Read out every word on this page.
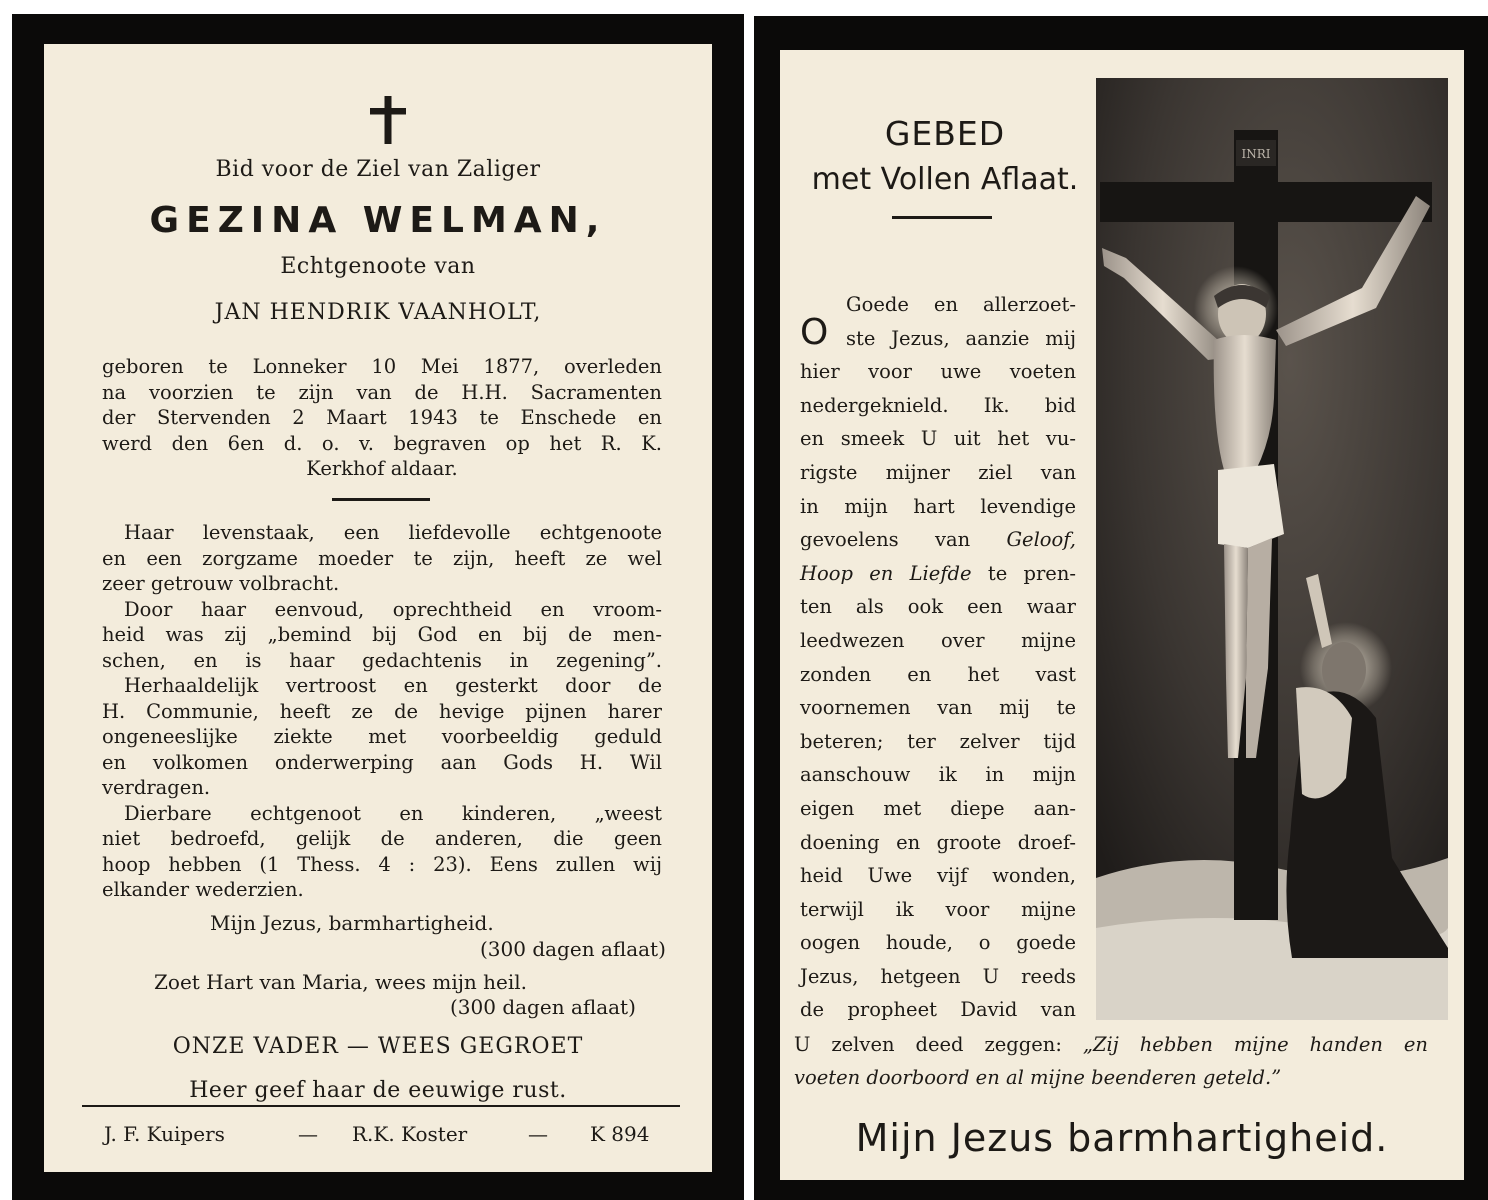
Bid voor de Ziel van Zaliger
GEZINA WELMAN,
Echtgenoote van
JAN HENDRIK VAANHOLT,
geboren te Lonneker 10 Mei 1877, overleden
na voorzien te zijn van de H.H. Sacramenten
der Stervenden 2 Maart 1943 te Enschede en
werd den 6en d. o. v. begraven op het R. K.
Kerkhof aldaar.
Haar levenstaak, een liefdevolle echtgenoote
en een zorgzame moeder te zijn, heeft ze wel
zeer getrouw volbracht.
Door haar eenvoud, oprechtheid en vroom-
heid was zij „bemind bij God en bij de men-
schen, en is haar gedachtenis in zegening”.
Herhaaldelijk vertroost en gesterkt door de
H. Communie, heeft ze de hevige pijnen harer
ongeneeslijke ziekte met voorbeeldig geduld
en volkomen onderwerping aan Gods H. Wil
verdragen.
Dierbare echtgenoot en kinderen, „weest
niet bedroefd, gelijk de anderen, die geen
hoop hebben (1 Thess. 4 : 23). Eens zullen wij
elkander wederzien.
Mijn Jezus, barmhartigheid.
(300 dagen aflaat)
Zoet Hart van Maria, wees mijn heil.
(300 dagen aflaat)
ONZE VADER — WEES GEGROET
Heer geef haar de eeuwige rust.
J. F. Kuipers	— R.K. Koster	— K 894
GEBED
met Vollen Aflaat.
O
Goede en allerzoet-
ste Jezus, aanzie mij
hier voor uwe voeten
nedergeknield. Ik. bid
en smeek U uit het vu-
rigste mijner ziel van
in mijn hart levendige
gevoelens van Geloof,
Hoop en Liefde te pren-
ten als ook een waar
leedwezen over mijne
zonden en het vast
voornemen van mij te
beteren; ter zelver tijd
aanschouw ik in mijn
eigen met diepe aan-
doening en groote droef-
heid Uwe vijf wonden,
terwijl ik voor mijne
oogen houde, o goede
Jezus, hetgeen U reeds
de propheet David van
U zelven deed zeggen: „Zij hebben mijne handen en
voeten doorboord en al mijne beenderen geteld.”
Mijn Jezus barmhartigheid.
INRI
